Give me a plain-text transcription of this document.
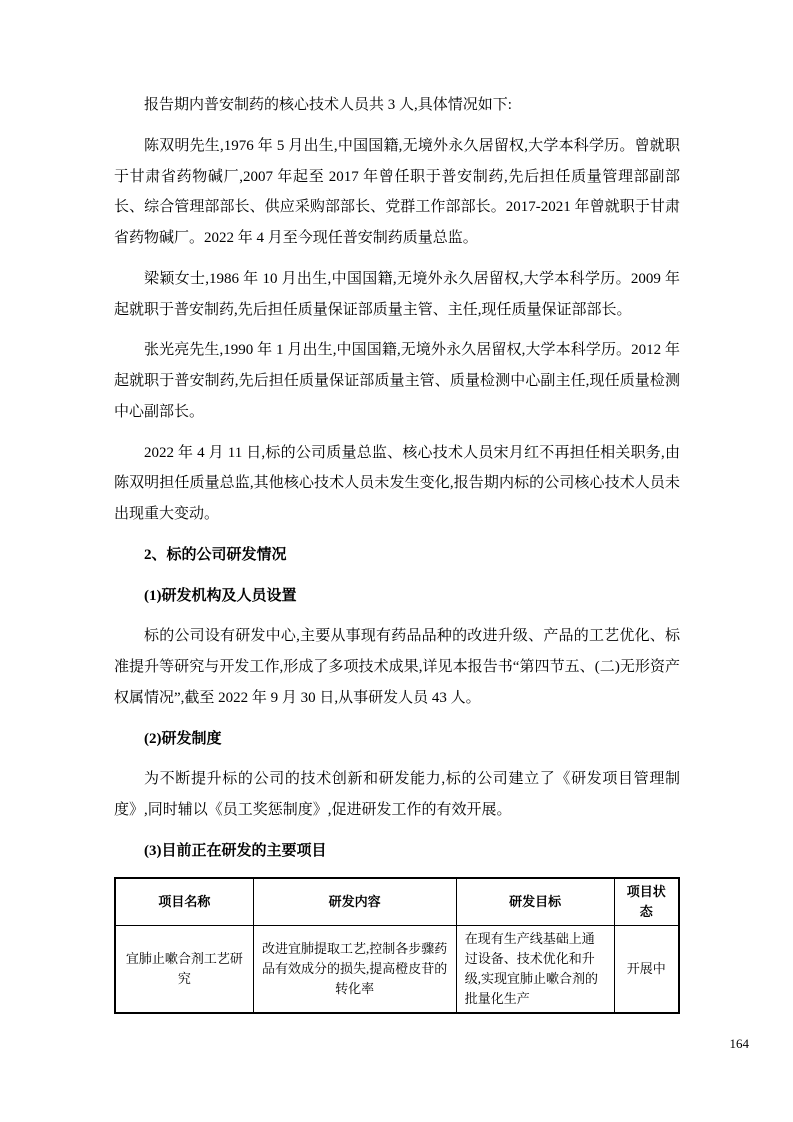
报告期内普安制药的核心技术人员共 3 人,具体情况如下:

陈双明先生,1976 年 5 月出生,中国国籍,无境外永久居留权,大学本科学历。曾就职于甘肃省药物碱厂,2007 年起至 2017 年曾任职于普安制药,先后担任质量管理部副部长、综合管理部部长、供应采购部部长、党群工作部部长。2017-2021 年曾就职于甘肃省药物碱厂。2022 年 4 月至今现任普安制药质量总监。

梁颖女士,1986 年 10 月出生,中国国籍,无境外永久居留权,大学本科学历。2009 年起就职于普安制药,先后担任质量保证部质量主管、主任,现任质量保证部部长。

张光亮先生,1990 年 1 月出生,中国国籍,无境外永久居留权,大学本科学历。2012 年起就职于普安制药,先后担任质量保证部质量主管、质量检测中心副主任,现任质量检测中心副部长。

2022 年 4 月 11 日,标的公司质量总监、核心技术人员宋月红不再担任相关职务,由陈双明担任质量总监,其他核心技术人员未发生变化,报告期内标的公司核心技术人员未出现重大变动。

2、标的公司研发情况

(1)研发机构及人员设置

标的公司设有研发中心,主要从事现有药品品种的改进升级、产品的工艺优化、标准提升等研究与开发工作,形成了多项技术成果,详见本报告书“第四节五、(二)无形资产权属情况”,截至 2022 年 9 月 30 日,从事研发人员 43 人。

(2)研发制度

为不断提升标的公司的技术创新和研发能力,标的公司建立了《研发项目管理制度》,同时辅以《员工奖惩制度》,促进研发工作的有效开展。

(3)目前正在研发的主要项目

项目名称	研发内容	研发目标	项目状态
宜肺止嗽合剂工艺研究	改进宜肺提取工艺,控制各步骤药品有效成分的损失,提高橙皮苷的转化率	在现有生产线基础上通过设备、技术优化和升级,实现宜肺止嗽合剂的批量化生产	开展中
164
